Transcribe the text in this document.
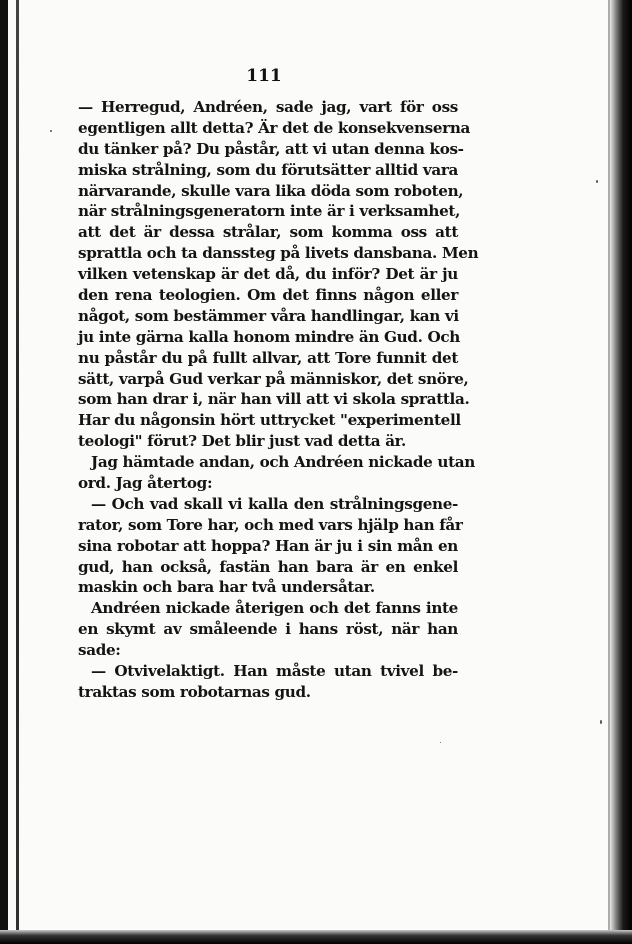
111
— Herregud, Andréen, sade jag, vart för oss
egentligen allt detta? Är det de konsekvenserna
du tänker på? Du påstår, att vi utan denna kos-
miska strålning, som du förutsätter alltid vara
närvarande, skulle vara lika döda som roboten,
när strålningsgeneratorn inte är i verksamhet,
att det är dessa strålar, som komma oss att
sprattla och ta danssteg på livets dansbana. Men
vilken vetenskap är det då, du inför? Det är ju
den rena teologien. Om det finns någon eller
något, som bestämmer våra handlingar, kan vi
ju inte gärna kalla honom mindre än Gud. Och
nu påstår du på fullt allvar, att Tore funnit det
sätt, varpå Gud verkar på människor, det snöre,
som han drar i, när han vill att vi skola sprattla.
Har du någonsin hört uttrycket "experimentell
teologi" förut? Det blir just vad detta är.
Jag hämtade andan, och Andréen nickade utan
ord. Jag återtog:
— Och vad skall vi kalla den strålningsgene-
rator, som Tore har, och med vars hjälp han får
sina robotar att hoppa? Han är ju i sin mån en
gud, han också, fastän han bara är en enkel
maskin och bara har två undersåtar.
Andréen nickade återigen och det fanns inte
en skymt av småleende i hans röst, när han
sade:
— Otvivelaktigt. Han måste utan tvivel be-
traktas som robotarnas gud.
